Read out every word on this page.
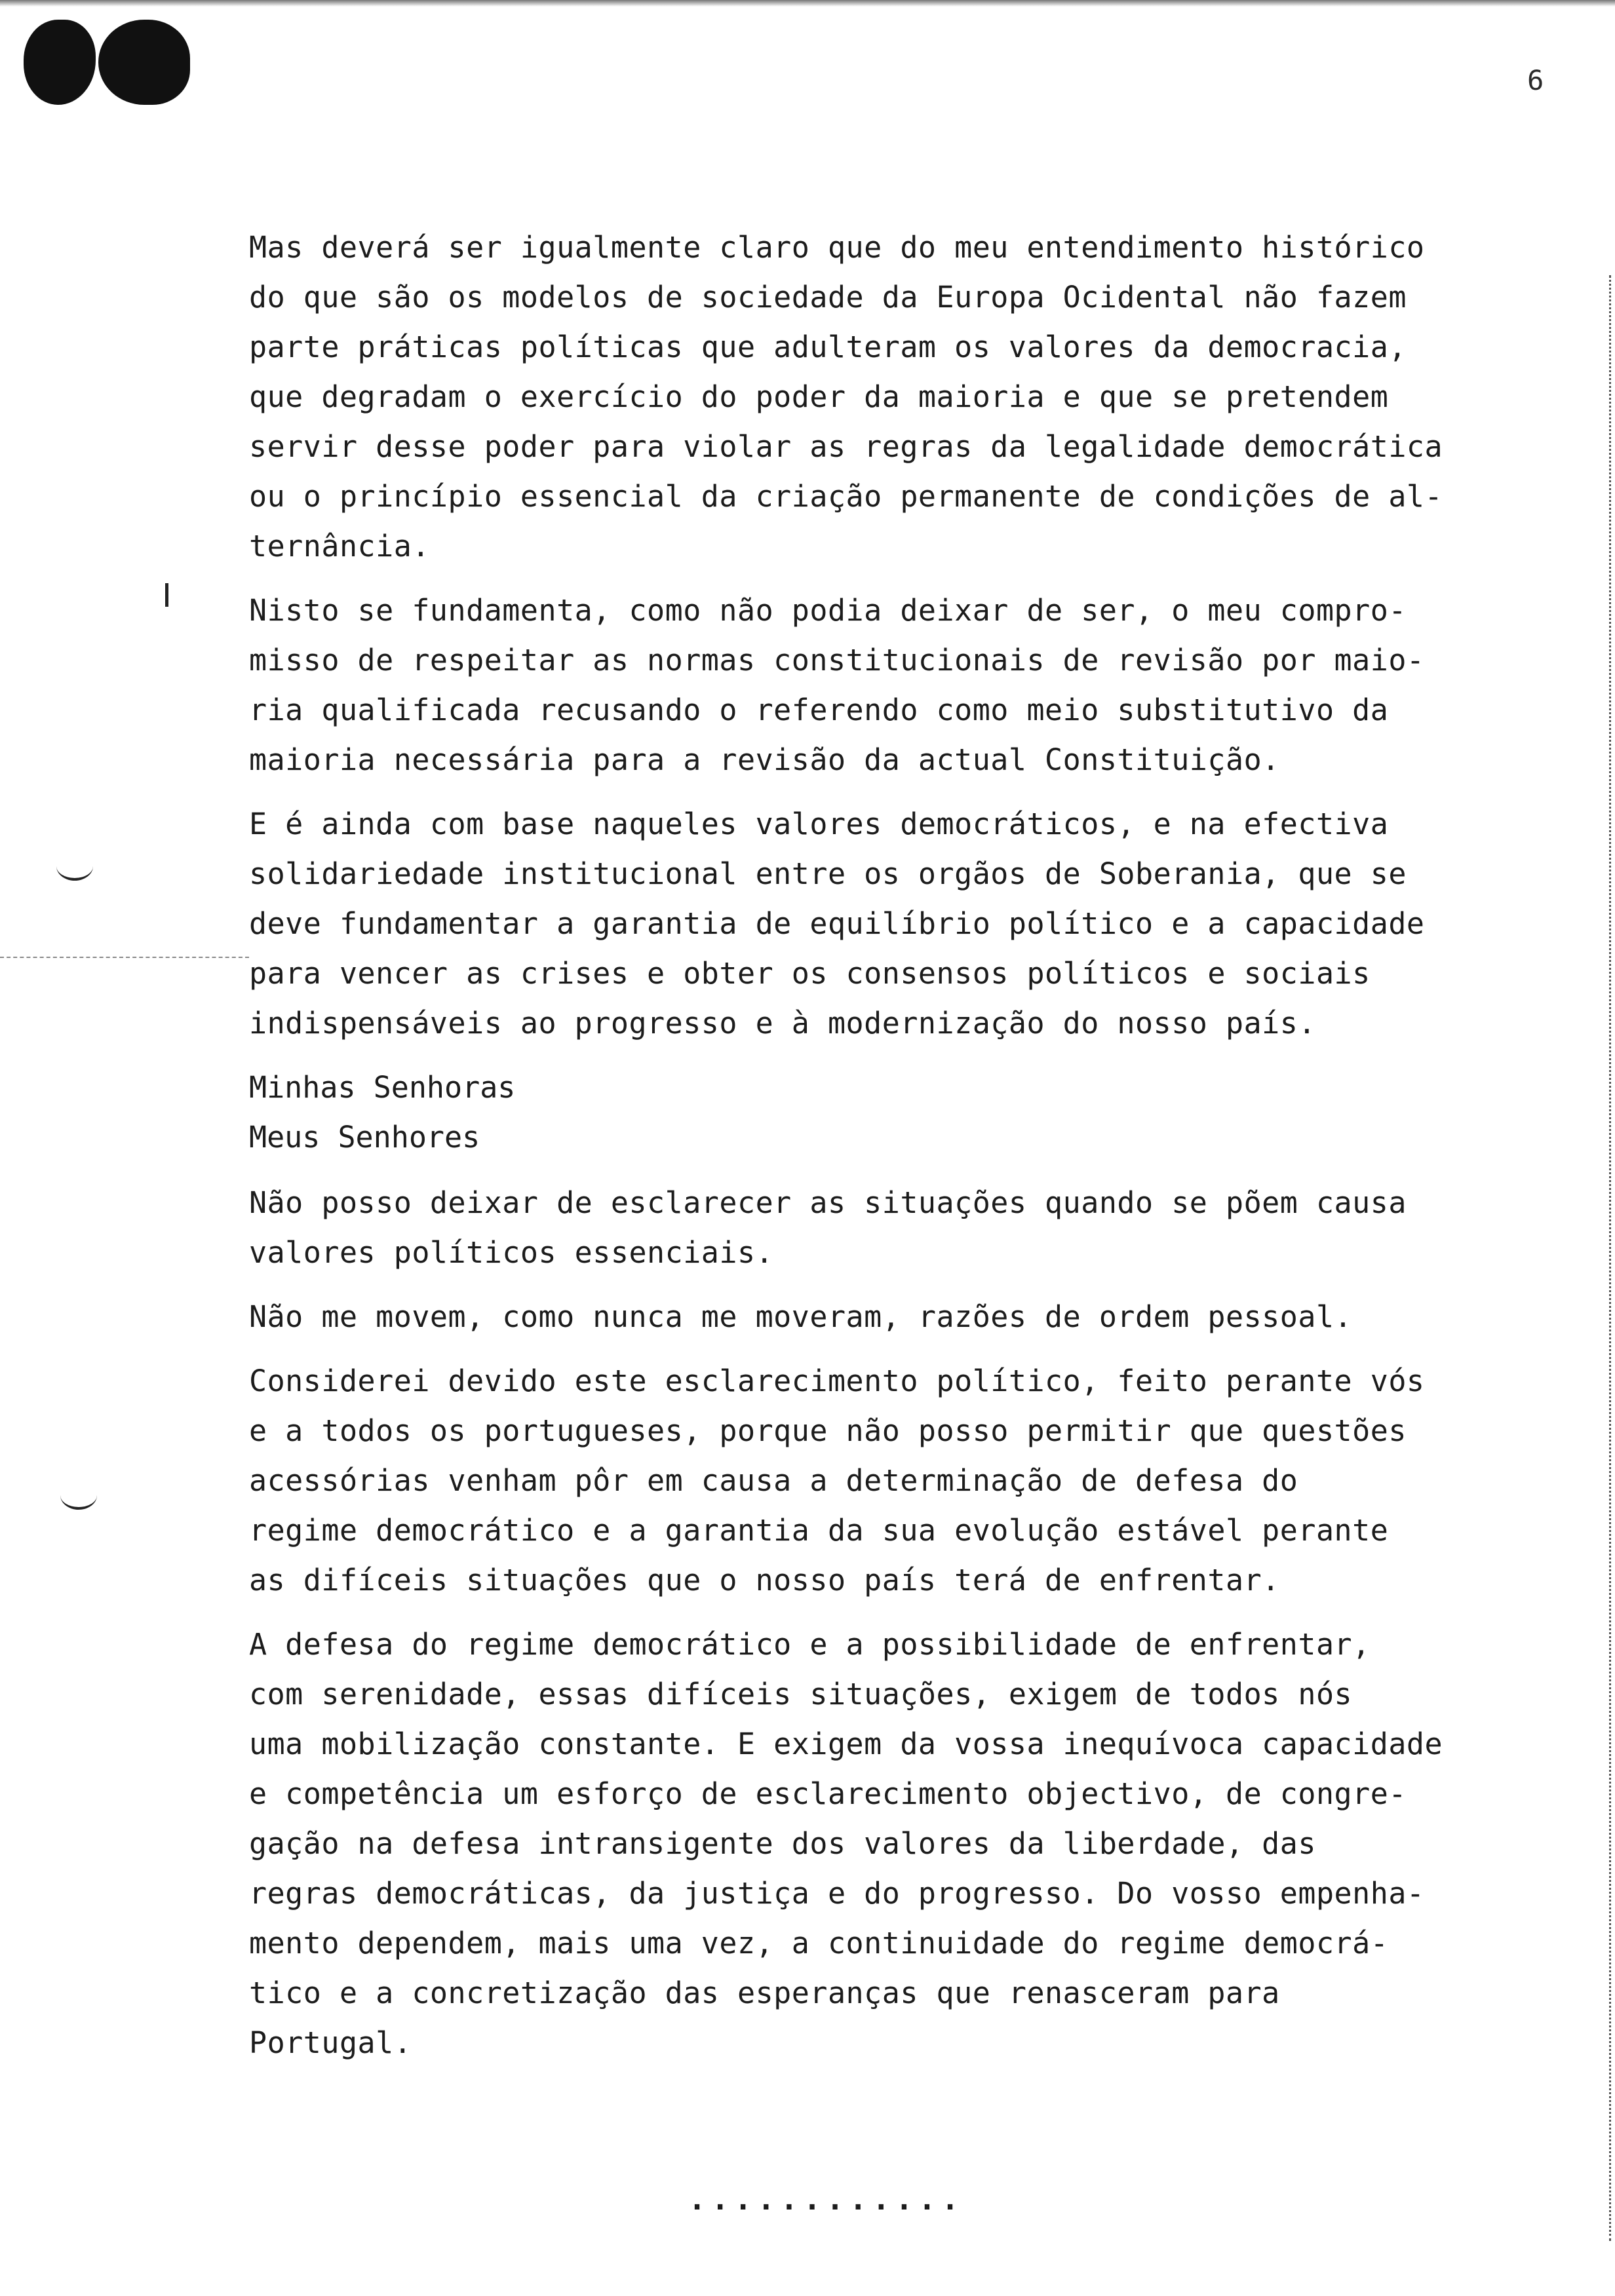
6
Mas deverá ser igualmente claro que do meu entendimento histórico
do que são os modelos de sociedade da Europa Ocidental não fazem
parte práticas políticas que adulteram os valores da democracia,
que degradam o exercício do poder da maioria e que se pretendem
servir desse poder para violar as regras da legalidade democrática
ou o princípio essencial da criação permanente de condições de al-
ternância.
Nisto se fundamenta, como não podia deixar de ser, o meu compro-
misso de respeitar as normas constitucionais de revisão por maio-
ria qualificada recusando o referendo como meio substitutivo da
maioria necessária para a revisão da actual Constituição.
E é ainda com base naqueles valores democráticos, e na efectiva
solidariedade institucional entre os orgãos de Soberania, que se
deve fundamentar a garantia de equilíbrio político e a capacidade
para vencer as crises e obter os consensos políticos e sociais
indispensáveis ao progresso e à modernização do nosso país.
Minhas Senhoras
Meus Senhores
Não posso deixar de esclarecer as situações quando se põem causa
valores políticos essenciais.
Não me movem, como nunca me moveram, razões de ordem pessoal.
Considerei devido este esclarecimento político, feito perante vós
e a todos os portugueses, porque não posso permitir que questões
acessórias venham pôr em causa a determinação de defesa do
regime democrático e a garantia da sua evolução estável perante
as difíceis situações que o nosso país terá de enfrentar.
A defesa do regime democrático e a possibilidade de enfrentar,
com serenidade, essas difíceis situações, exigem de todos nós
uma mobilização constante. E exigem da vossa inequívoca capacidade
e competência um esforço de esclarecimento objectivo, de congre-
gação na defesa intransigente dos valores da liberdade, das
regras democráticas, da justiça e do progresso. Do vosso empenha-
mento dependem, mais uma vez, a continuidade do regime democrá-
tico e a concretização das esperanças que renasceram para
Portugal.
............
